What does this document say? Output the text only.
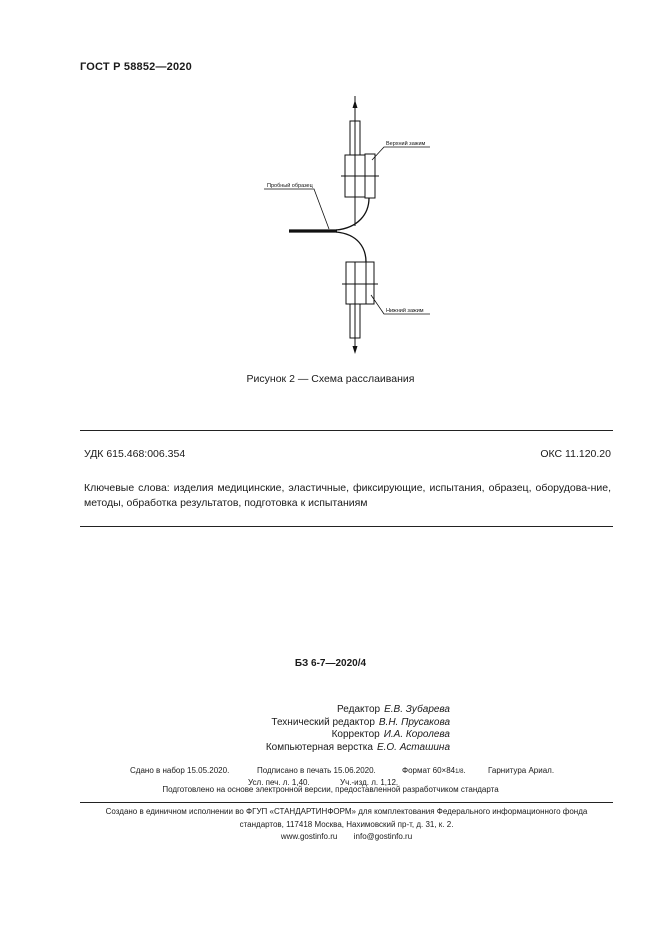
ГОСТ Р 58852—2020
Верхний зажим
Пробный образец
Нижний зажим
Рисунок 2 — Схема расслаивания
УДК 615.468:006.354	ОКС 11.120.20
Ключевые слова: изделия медицинские, эластичные, фиксирующие, испытания, образец, оборудова-ние, методы, обработка результатов, подготовка к испытаниям
БЗ 6-7—2020/4
Редактор Е.В. Зубарева
Технический редактор В.Н. Прусакова
Корректор И.А. Королева
Компьютерная верстка Е.О. Асташина
Сдано в набор 15.05.2020.	Подписано в печать 15.06.2020.	Формат 60×841/8.	Гарнитура Ариал.
Усл. печ. л. 1,40.	Уч.-изд. л. 1,12.
Подготовлено на основе электронной версии, предоставленной разработчиком стандарта
Создано в единичном исполнении во ФГУП «СТАНДАРТИНФОРМ» для комплектования Федерального информационного фонда
стандартов, 117418 Москва, Нахимовский пр-т, д. 31, к. 2.
www.gostinfo.ru info@gostinfo.ru
